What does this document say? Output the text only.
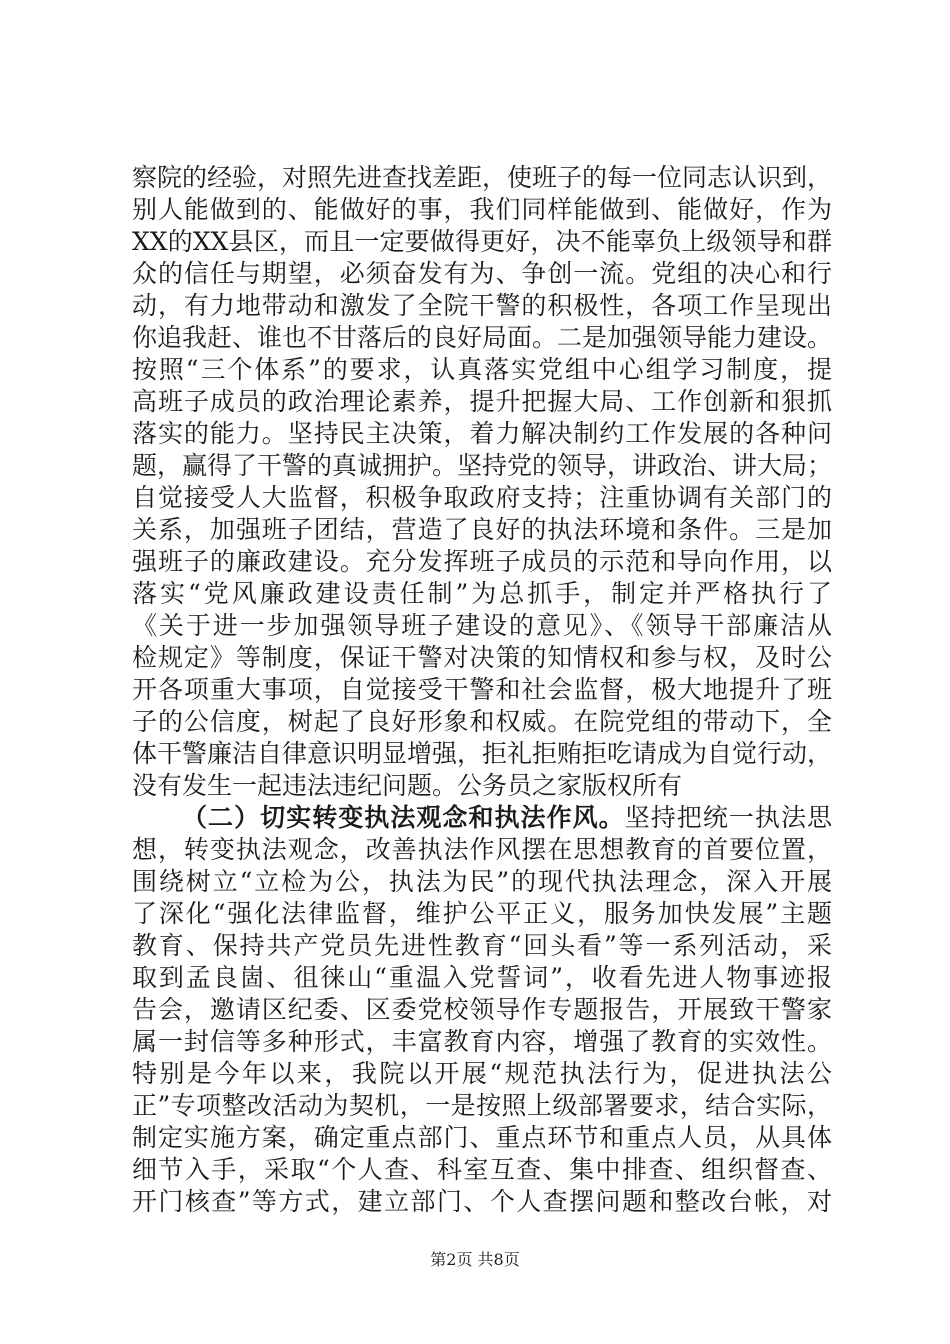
察院的经验，对照先进查找差距，使班子的每一位同志认识到，
别人能做到的、能做好的事，我们同样能做到、能做好，作为
XX的XX县区，而且一定要做得更好，决不能辜负上级领导和群
众的信任与期望，必须奋发有为、争创一流。党组的决心和行
动，有力地带动和激发了全院干警的积极性，各项工作呈现出
你追我赶、谁也不甘落后的良好局面。二是加强领导能力建设。
按照“三个体系”的要求，认真落实党组中心组学习制度，提
高班子成员的政治理论素养，提升把握大局、工作创新和狠抓
落实的能力。坚持民主决策，着力解决制约工作发展的各种问
题，赢得了干警的真诚拥护。坚持党的领导，讲政治、讲大局；
自觉接受人大监督，积极争取政府支持；注重协调有关部门的
关系，加强班子团结，营造了良好的执法环境和条件。三是加
强班子的廉政建设。充分发挥班子成员的示范和导向作用，以
落实“党风廉政建设责任制”为总抓手，制定并严格执行了
《关于进一步加强领导班子建设的意见》、《领导干部廉洁从
检规定》等制度，保证干警对决策的知情权和参与权，及时公
开各项重大事项，自觉接受干警和社会监督，极大地提升了班
子的公信度，树起了良好形象和权威。在院党组的带动下，全
体干警廉洁自律意识明显增强，拒礼拒贿拒吃请成为自觉行动，
没有发生一起违法违纪问题。公务员之家版权所有
（二）切实转变执法观念和执法作风。坚持把统一执法思
想，转变执法观念，改善执法作风摆在思想教育的首要位置，
围绕树立“立检为公，执法为民”的现代执法理念，深入开展
了深化“强化法律监督，维护公平正义，服务加快发展”主题
教育、保持共产党员先进性教育“回头看”等一系列活动，采
取到孟良崮、徂徕山“重温入党誓词”，收看先进人物事迹报
告会，邀请区纪委、区委党校领导作专题报告，开展致干警家
属一封信等多种形式，丰富教育内容，增强了教育的实效性。
特别是今年以来，我院以开展“规范执法行为，促进执法公
正”专项整改活动为契机，一是按照上级部署要求，结合实际，
制定实施方案，确定重点部门、重点环节和重点人员，从具体
细节入手，采取“个人查、科室互查、集中排查、组织督查、
开门核查”等方式，建立部门、个人查摆问题和整改台帐，对
第2页 共8页
